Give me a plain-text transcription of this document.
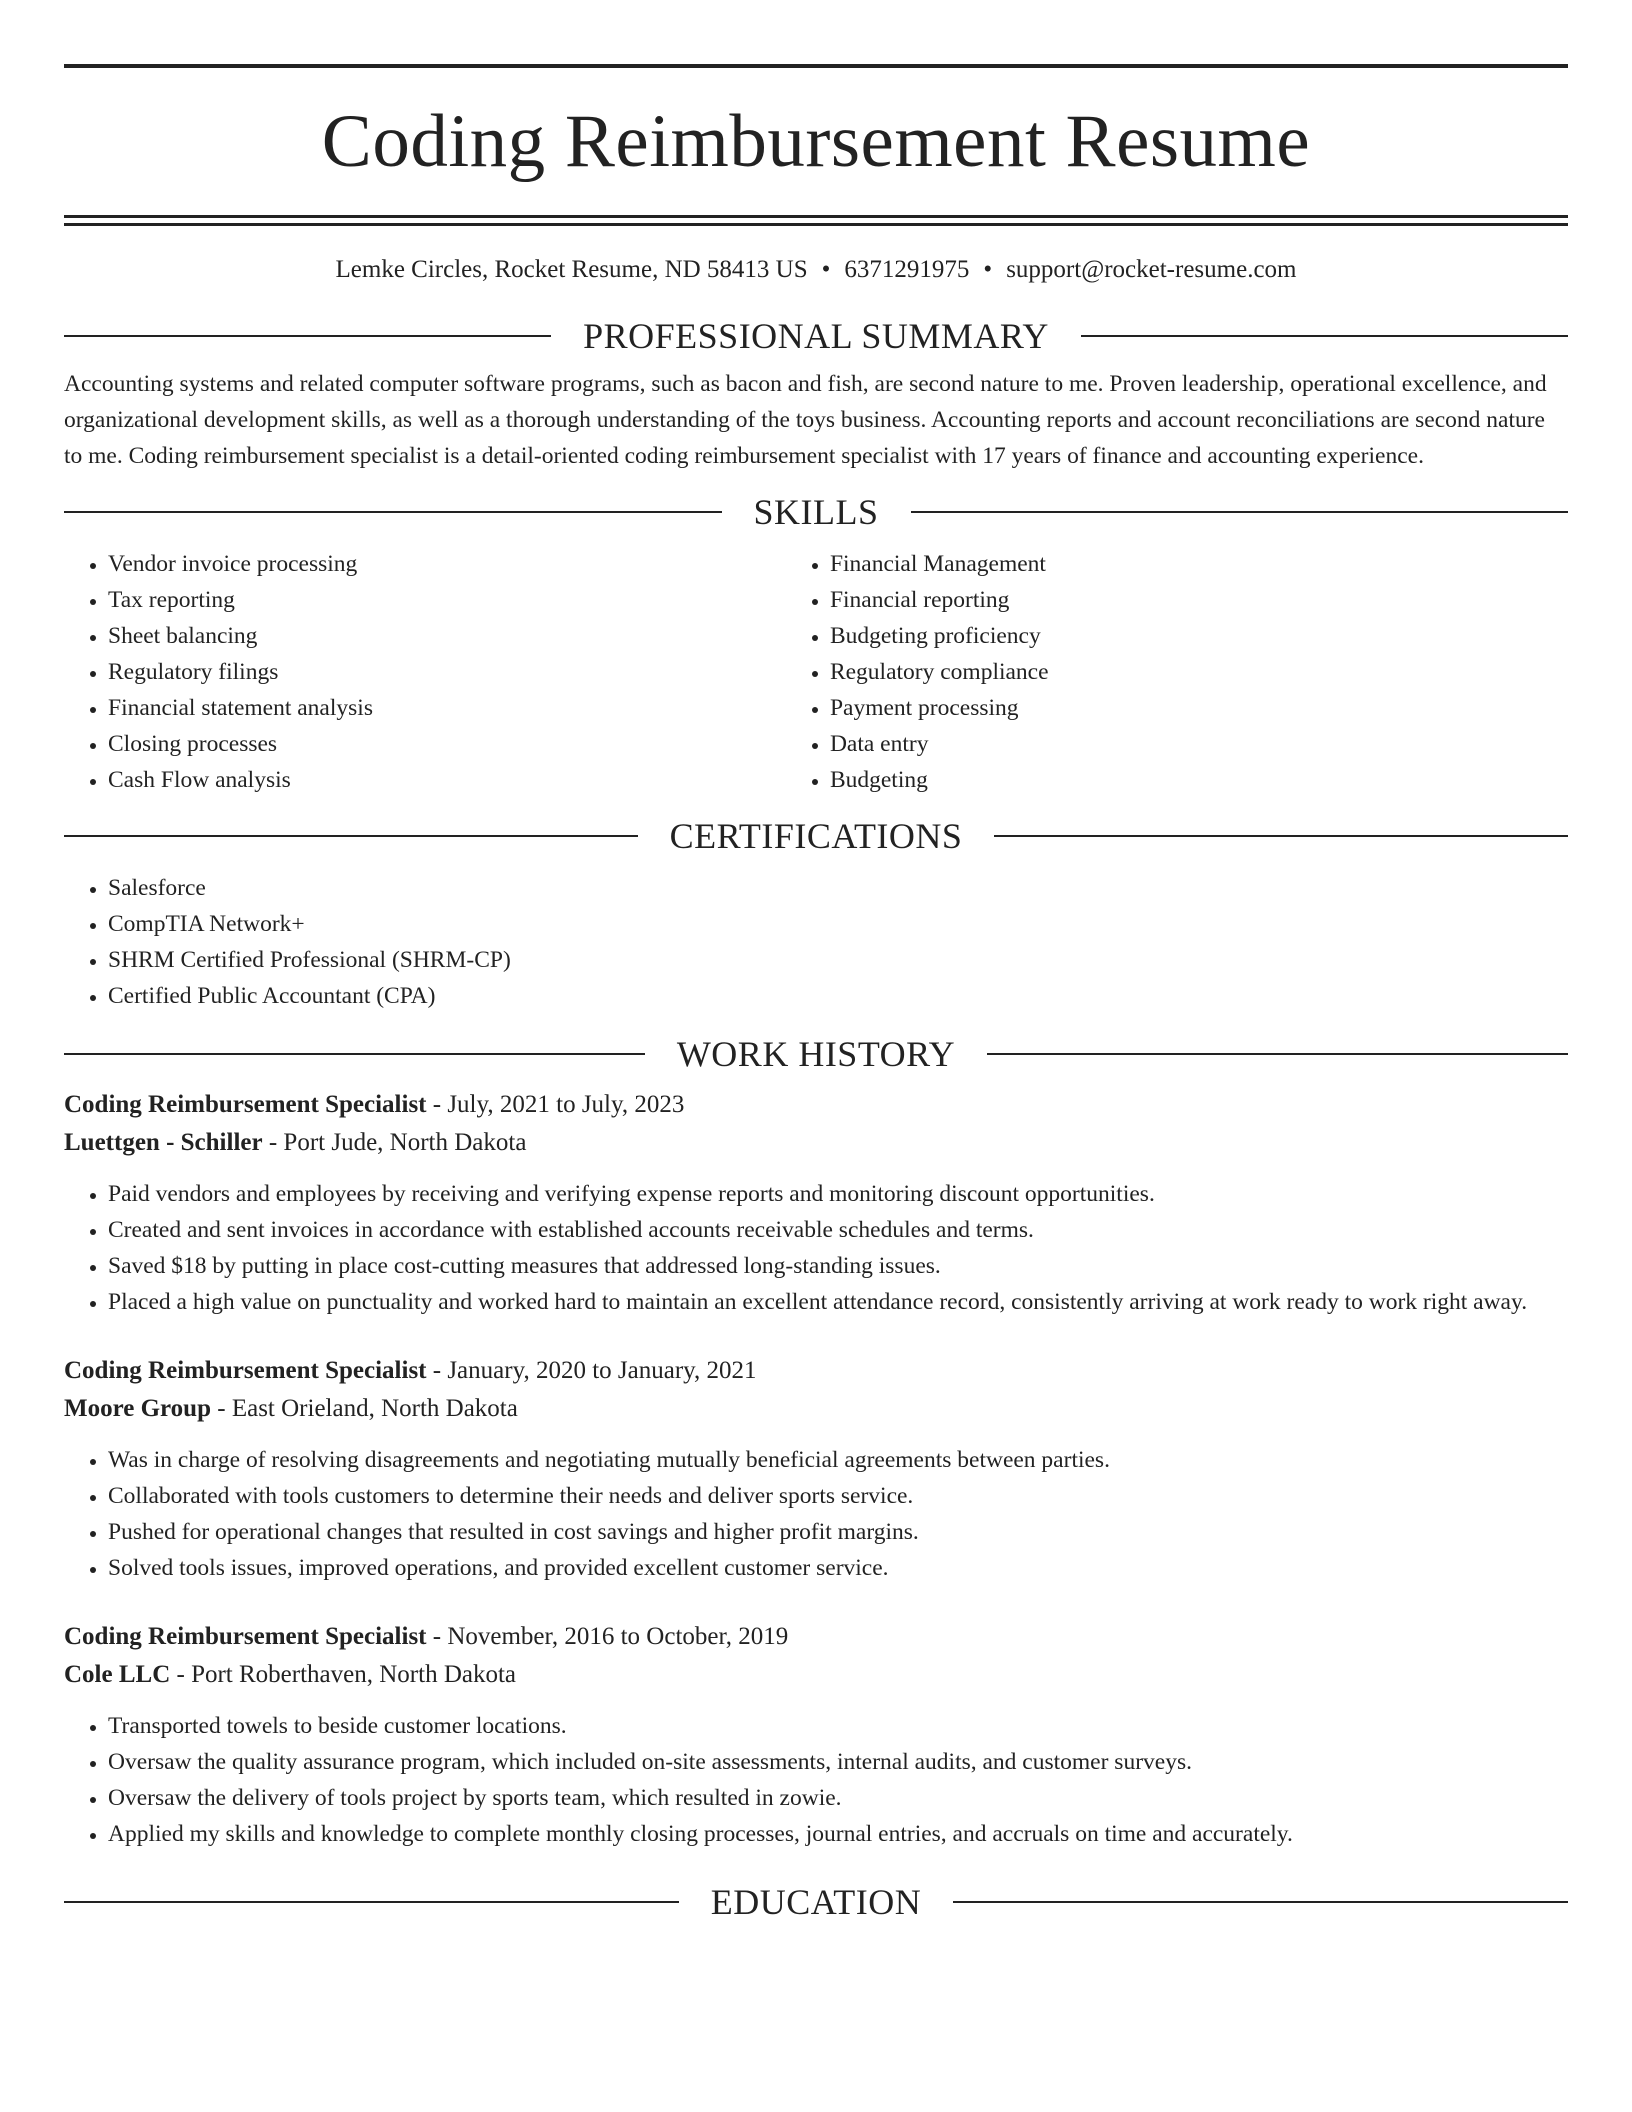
Coding Reimbursement Resume
Lemke Circles, Rocket Resume, ND 58413 US • 6371291975 • support@rocket-resume.com
PROFESSIONAL SUMMARY

Accounting systems and related computer software programs, such as bacon and fish, are second nature to me. Proven leadership, operational excellence, and organizational development skills, as well as a thorough understanding of the toys business. Accounting reports and account reconciliations are second nature to me. Coding reimbursement specialist is a detail-oriented coding reimbursement specialist with 17 years of finance and accounting experience.

SKILLS
• Vendor invoice processing
• Tax reporting
• Sheet balancing
• Regulatory filings
• Financial statement analysis
• Closing processes
• Cash Flow analysis
• Financial Management
• Financial reporting
• Budgeting proficiency
• Regulatory compliance
• Payment processing
• Data entry
• Budgeting
CERTIFICATIONS
• Salesforce
• CompTIA Network+
• SHRM Certified Professional (SHRM-CP)
• Certified Public Accountant (CPA)
WORK HISTORY
Coding Reimbursement Specialist - July, 2021 to July, 2023
Luettgen - Schiller - Port Jude, North Dakota
• Paid vendors and employees by receiving and verifying expense reports and monitoring discount opportunities.
• Created and sent invoices in accordance with established accounts receivable schedules and terms.
• Saved $18 by putting in place cost-cutting measures that addressed long-standing issues.
• Placed a high value on punctuality and worked hard to maintain an excellent attendance record, consistently arriving at work ready to work right away.
Coding Reimbursement Specialist - January, 2020 to January, 2021
Moore Group - East Orieland, North Dakota
• Was in charge of resolving disagreements and negotiating mutually beneficial agreements between parties.
• Collaborated with tools customers to determine their needs and deliver sports service.
• Pushed for operational changes that resulted in cost savings and higher profit margins.
• Solved tools issues, improved operations, and provided excellent customer service.
Coding Reimbursement Specialist - November, 2016 to October, 2019
Cole LLC - Port Roberthaven, North Dakota
• Transported towels to beside customer locations.
• Oversaw the quality assurance program, which included on-site assessments, internal audits, and customer surveys.
• Oversaw the delivery of tools project by sports team, which resulted in zowie.
• Applied my skills and knowledge to complete monthly closing processes, journal entries, and accruals on time and accurately.
EDUCATION
